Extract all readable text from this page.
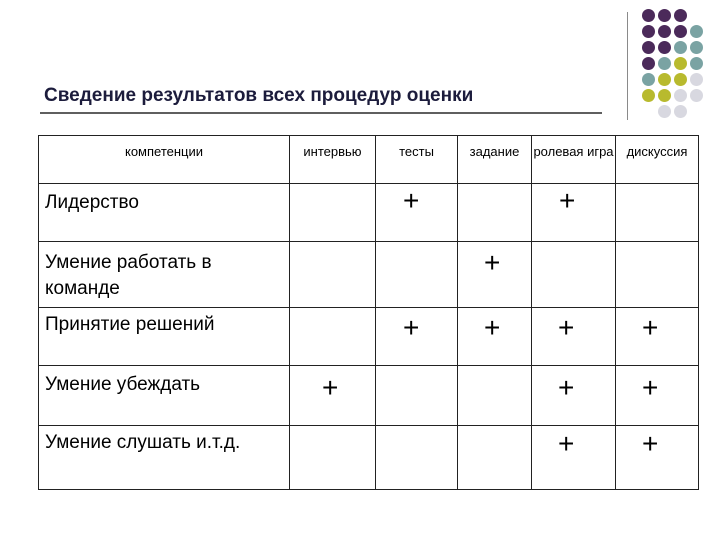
Сведение результатов всех процедур оценки
компетенции	интервью	тесты	задание	ролевая игра	дискуссия

Лидерство		+		+	

Умение работать в команде			+		

Принятие решений		+	+	+	+

Умение убеждать	+			+	+

Умение слушать и.т.д.				+	+
